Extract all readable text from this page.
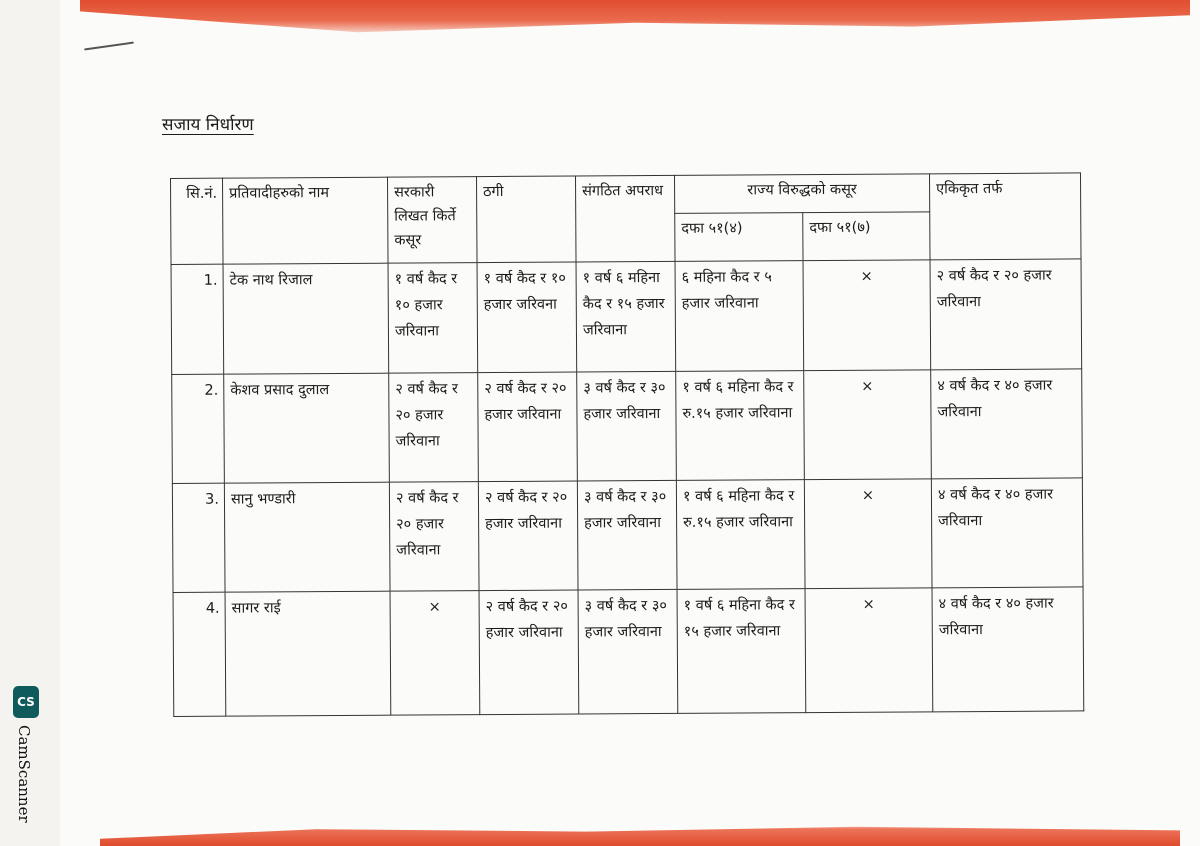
सजाय निर्धारण
सि.नं.	प्रतिवादीहरुको नाम	सरकारी लिखत किर्ते कसूर	ठगी	संगठित अपराध	राज्य विरुद्धको कसूर		एकिकृत तर्फ
					दफा ५१(४)	दफा ५१(७)	
1.	टेक नाथ रिजाल	१ वर्ष कैद र १० हजार जरिवाना	१ वर्ष कैद र १० हजार जरिवना	१ वर्ष ६ महिना कैद र १५ हजार जरिवाना	६ महिना कैद र ५ हजार जरिवाना	×	२ वर्ष कैद र २० हजार जरिवाना
2.	केशव प्रसाद दुलाल	२ वर्ष कैद र २० हजार जरिवाना	२ वर्ष कैद र २० हजार जरिवाना	३ वर्ष कैद र ३० हजार जरिवाना	१ वर्ष ६ महिना कैद र रु.१५ हजार जरिवाना	×	४ वर्ष कैद र ४० हजार जरिवाना
3.	सानु भण्डारी	२ वर्ष कैद र २० हजार जरिवाना	२ वर्ष कैद र २० हजार जरिवाना	३ वर्ष कैद र ३० हजार जरिवाना	१ वर्ष ६ महिना कैद र रु.१५ हजार जरिवाना	×	४ वर्ष कैद र ४० हजार जरिवाना
4.	सागर राई	×	२ वर्ष कैद र २० हजार जरिवाना	३ वर्ष कैद र ३० हजार जरिवाना	१ वर्ष ६ महिना कैद र १५ हजार जरिवाना	×	४ वर्ष कैद र ४० हजार जरिवाना
CS
CamScanner
